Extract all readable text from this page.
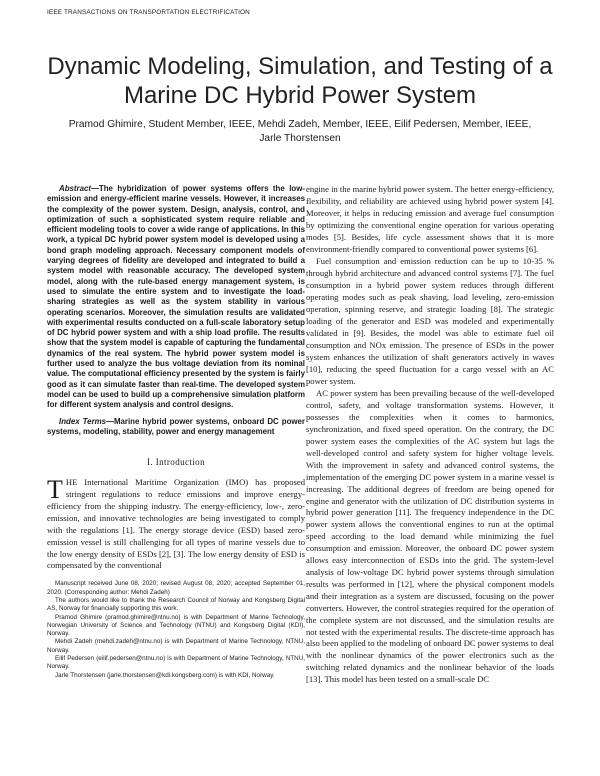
IEEE TRANSACTIONS ON TRANSPORTATION ELECTRIFICATION
Dynamic Modeling, Simulation, and Testing of a Marine DC Hybrid Power System
Pramod Ghimire, Student Member, IEEE, Mehdi Zadeh, Member, IEEE, Eilif Pedersen, Member, IEEE,
Jarle Thorstensen

Abstract—The hybridization of power systems offers the low-emission and energy-efficient marine vessels. However, it increases the complexity of the power system. Design, analysis, control, and optimization of such a sophisticated system require reliable and efficient modeling tools to cover a wide range of applications. In this work, a typical DC hybrid power system model is developed using a bond graph modeling approach. Necessary component models of varying degrees of fidelity are developed and integrated to build a system model with reasonable accuracy. The developed system model, along with the rule-based energy management system, is used to simulate the entire system and to investigate the load-sharing strategies as well as the system stability in various operating scenarios. Moreover, the simulation results are validated with experimental results conducted on a full-scale laboratory setup of DC hybrid power system and with a ship load profile. The results show that the system model is capable of capturing the fundamental dynamics of the real system. The hybrid power system model is further used to analyze the bus voltage deviation from its nominal value. The computational efficiency presented by the system is fairly good as it can simulate faster than real-time. The developed system model can be used to build up a comprehensive simulation platform for different system analysis and control designs.

Index Terms—Marine hybrid power systems, onboard DC power systems, modeling, stability, power and energy management

I. Introduction

THE International Maritime Organization (IMO) has proposed stringent regulations to reduce emissions and improve energy-efficiency from the shipping industry. The energy-efficiency, low-, zero-emission, and innovative technologies are being investigated to comply with the regulations [1]. The energy storage device (ESD) based zero-emission vessel is still challenging for all types of marine vessels due to the low energy density of ESDs [2], [3]. The low energy density of ESD is compensated by the conventional

Manuscript received June 08, 2020; revised August 08, 2020; accepted September 01, 2020. (Corresponding author: Mehdi Zadeh)

The authors would like to thank the Research Council of Norway and Kongsberg Digital AS, Norway for financially supporting this work.

Pramod Ghimire (pramod.ghimire@ntnu.no) is with Department of Marine Technology, Norwegian University of Science and Technology (NTNU) and Kongsberg Digital (KDI), Norway.

Mehdi Zadeh (mehdi.zadeh@ntnu.no) is with Department of Marine Technology, NTNU, Norway.

Eilif Pedersen (eilif.pedersen@ntnu.no) is with Department of Marine Technology, NTNU, Norway.

Jarle Thorstensen (jarle.thorstensen@kdi.kongsberg.com) is with KDI, Norway.

engine in the marine hybrid power system. The better energy-efficiency, flexibility, and reliability are achieved using hybrid power system [4]. Moreover, it helps in reducing emission and average fuel consumption by optimizing the conventional engine operation for various operating modes [5]. Besides, life cycle assessment shows that it is more environment-friendly compared to conventional power systems [6].

Fuel consumption and emission reduction can be up to 10-35 % through hybrid architecture and advanced control systems [7]. The fuel consumption in a hybrid power system reduces through different operating modes such as peak shaving, load leveling, zero-emission operation, spinning reserve, and strategic loading [8]. The strategic loading of the generator and ESD was modeled and experimentally validated in [9]. Besides, the model was able to estimate fuel oil consumption and NOx emission. The presence of ESDs in the power system enhances the utilization of shaft generators actively in waves [10], reducing the speed fluctuation for a cargo vessel with an AC power system.

AC power system has been prevailing because of the well-developed control, safety, and voltage transformation systems. However, it possesses the complexities when it comes to harmonics, synchronization, and fixed speed operation. On the contrary, the DC power system eases the complexities of the AC system but lags the well-developed control and safety system for higher voltage levels. With the improvement in safety and advanced control systems, the implementation of the emerging DC power system in a marine vessel is increasing. The additional degrees of freedom are being opened for engine and generator with the utilization of DC distribution systems in hybrid power generation [11]. The frequency independence in the DC power system allows the conventional engines to run at the optimal speed according to the load demand while minimizing the fuel consumption and emission. Moreover, the onboard DC power system allows easy interconnection of ESDs into the grid. The system-level analysis of low-voltage DC hybrid power systems through simulation results was performed in [12], where the physical component models and their integration as a system are discussed, focusing on the power converters. However, the control strategies required for the operation of the complete system are not discussed, and the simulation results are not tested with the experimental results. The discrete-time approach has also been applied to the modeling of onboard DC power systems to deal with the nonlinear dynamics of the power electronics such as the switching related dynamics and the nonlinear behavior of the loads [13]. This model has been tested on a small-scale DC
